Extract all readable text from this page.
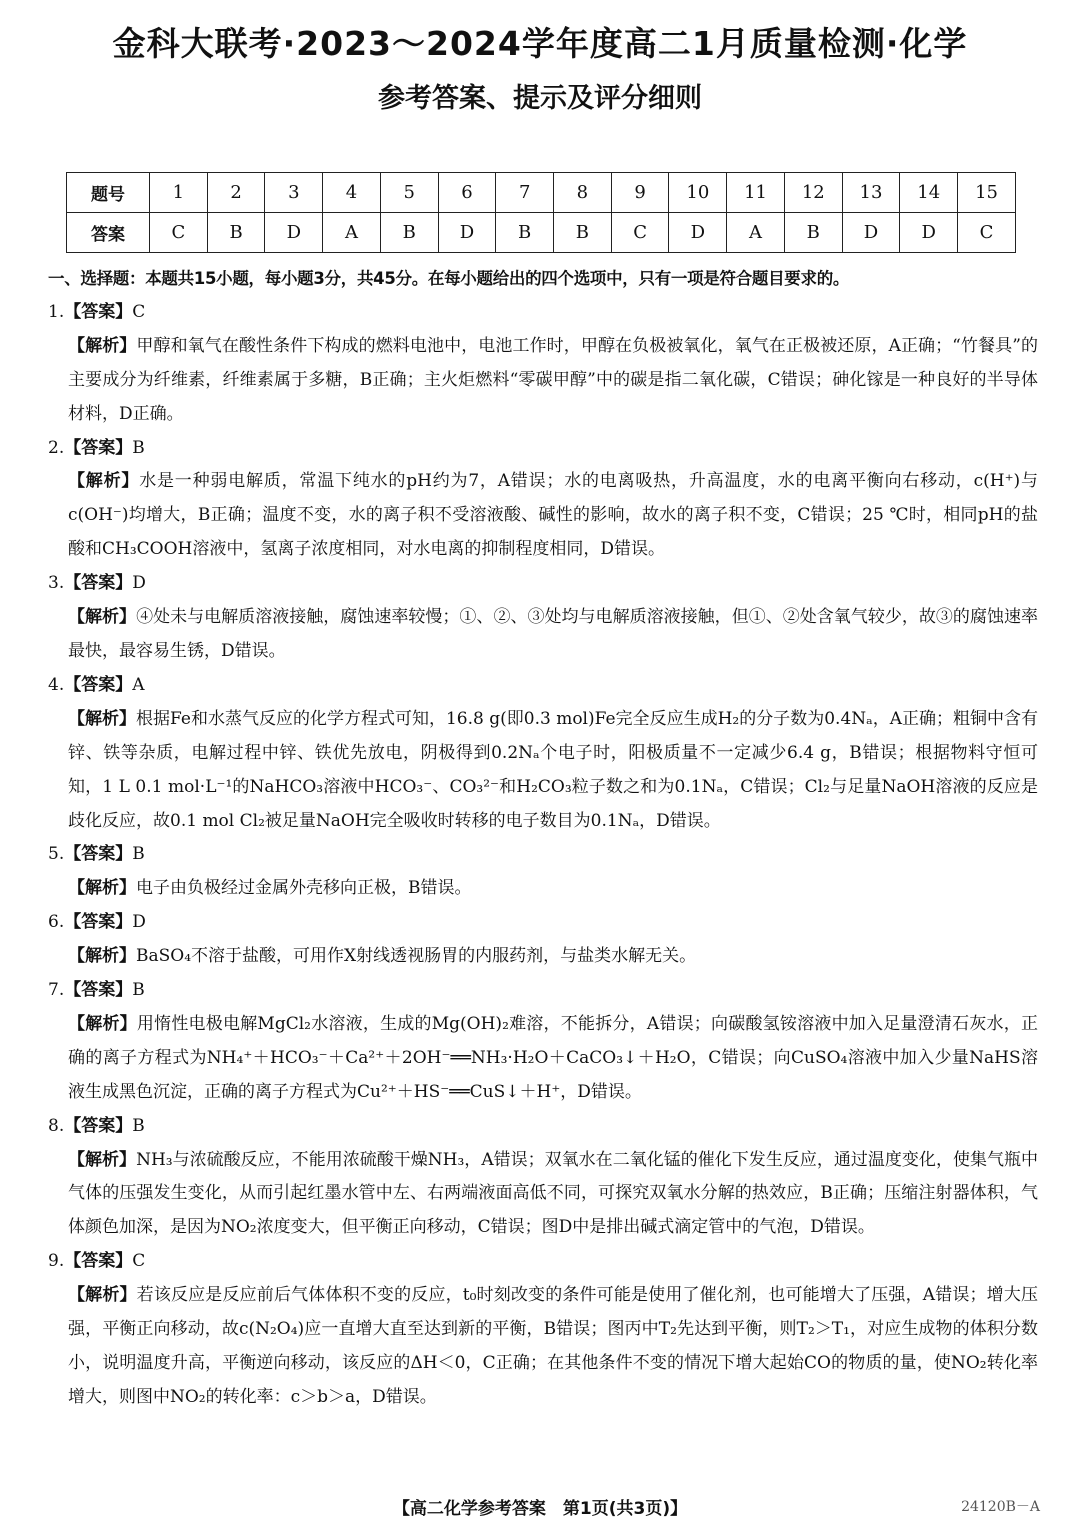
金科大联考·2023～2024学年度高二1月质量检测·化学
参考答案、提示及评分细则
题号	1	2	3	4	5	6	7	8	9	10	11	12	13	14	15
答案	C	B	D	A	B	D	B	B	C	D	A	B	D	D	C

一、选择题：本题共15小题，每小题3分，共45分。在每小题给出的四个选项中，只有一项是符合题目要求的。

1.【答案】C

【解析】甲醇和氧气在酸性条件下构成的燃料电池中，电池工作时，甲醇在负极被氧化，氧气在正极被还原，A正确；“竹餐具”的主要成分为纤维素，纤维素属于多糖，B正确；主火炬燃料“零碳甲醇”中的碳是指二氧化碳，C错误；砷化镓是一种良好的半导体材料，D正确。

2.【答案】B

【解析】水是一种弱电解质，常温下纯水的pH约为7，A错误；水的电离吸热，升高温度，水的电离平衡向右移动，c(H⁺)与c(OH⁻)均增大，B正确；温度不变，水的离子积不受溶液酸、碱性的影响，故水的离子积不变，C错误；25 ℃时，相同pH的盐酸和CH₃COOH溶液中，氢离子浓度相同，对水电离的抑制程度相同，D错误。

3.【答案】D

【解析】④处未与电解质溶液接触，腐蚀速率较慢；①、②、③处均与电解质溶液接触，但①、②处含氧气较少，故③的腐蚀速率最快，最容易生锈，D错误。

4.【答案】A

【解析】根据Fe和水蒸气反应的化学方程式可知，16.8 g(即0.3 mol)Fe完全反应生成H₂的分子数为0.4Nₐ，A正确；粗铜中含有锌、铁等杂质，电解过程中锌、铁优先放电，阴极得到0.2Nₐ个电子时，阳极质量不一定减少6.4 g，B错误；根据物料守恒可知，1 L 0.1 mol·L⁻¹的NaHCO₃溶液中HCO₃⁻、CO₃²⁻和H₂CO₃粒子数之和为0.1Nₐ，C错误；Cl₂与足量NaOH溶液的反应是歧化反应，故0.1 mol Cl₂被足量NaOH完全吸收时转移的电子数目为0.1Nₐ，D错误。

5.【答案】B

【解析】电子由负极经过金属外壳移向正极，B错误。

6.【答案】D

【解析】BaSO₄不溶于盐酸，可用作X射线透视肠胃的内服药剂，与盐类水解无关。

7.【答案】B

【解析】用惰性电极电解MgCl₂水溶液，生成的Mg(OH)₂难溶，不能拆分，A错误；向碳酸氢铵溶液中加入足量澄清石灰水，正确的离子方程式为NH₄⁺＋HCO₃⁻＋Ca²⁺＋2OH⁻══NH₃·H₂O＋CaCO₃↓＋H₂O，C错误；向CuSO₄溶液中加入少量NaHS溶液生成黑色沉淀，正确的离子方程式为Cu²⁺＋HS⁻══CuS↓＋H⁺，D错误。

8.【答案】B

【解析】NH₃与浓硫酸反应，不能用浓硫酸干燥NH₃，A错误；双氧水在二氧化锰的催化下发生反应，通过温度变化，使集气瓶中气体的压强发生变化，从而引起红墨水管中左、右两端液面高低不同，可探究双氧水分解的热效应，B正确；压缩注射器体积，气体颜色加深，是因为NO₂浓度变大，但平衡正向移动，C错误；图D中是排出碱式滴定管中的气泡，D错误。

9.【答案】C

【解析】若该反应是反应前后气体体积不变的反应，t₀时刻改变的条件可能是使用了催化剂，也可能增大了压强，A错误；增大压强，平衡正向移动，故c(N₂O₄)应一直增大直至达到新的平衡，B错误；图丙中T₂先达到平衡，则T₂＞T₁，对应生成物的体积分数小，说明温度升高，平衡逆向移动，该反应的ΔH＜0，C正确；在其他条件不变的情况下增大起始CO的物质的量，使NO₂转化率增大，则图中NO₂的转化率：c＞b＞a，D错误。

【高二化学参考答案　第1页(共3页)】	24120B－A
